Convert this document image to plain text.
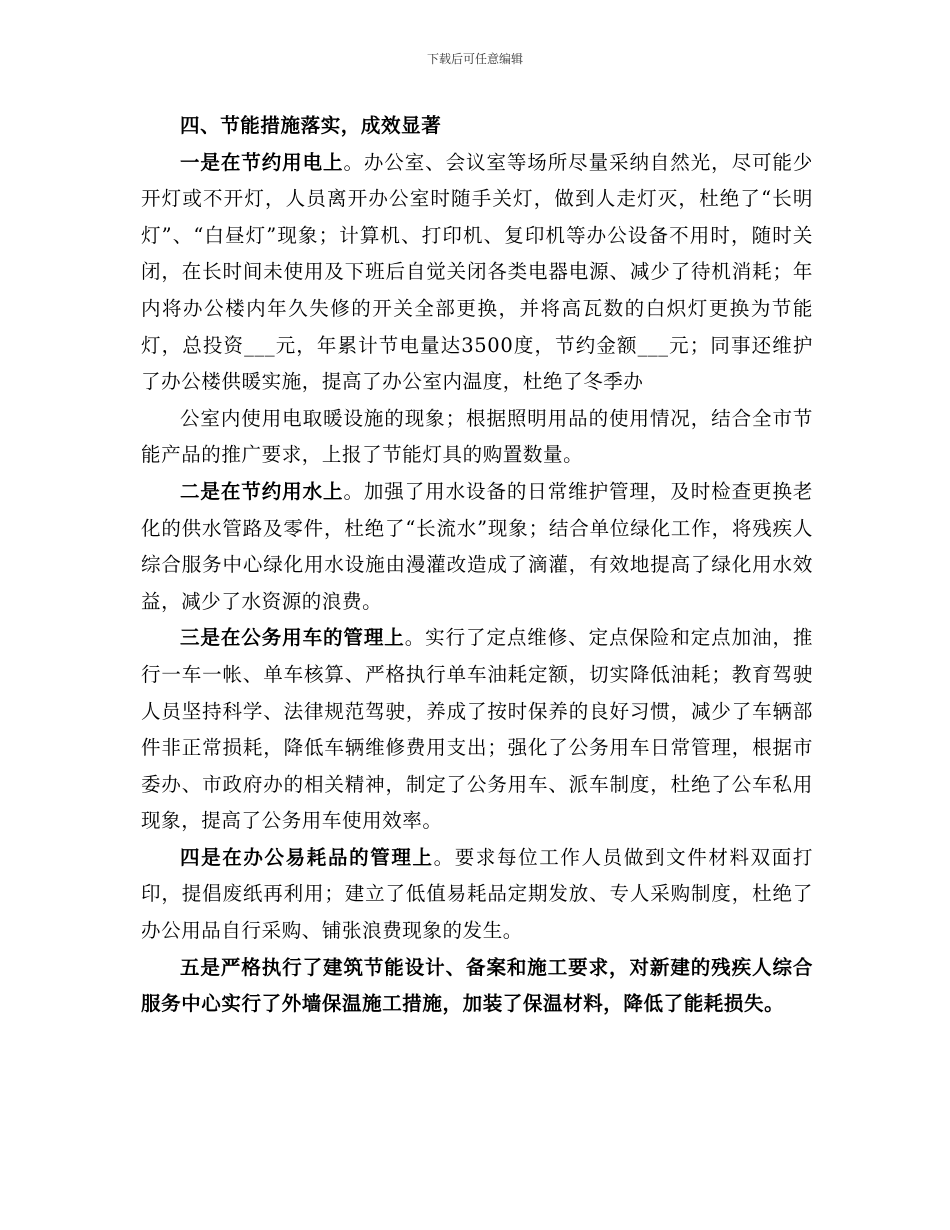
下载后可任意编辑

四、节能措施落实，成效显著

一是在节约用电上。办公室、会议室等场所尽量采纳自然光，尽可能少开灯或不开灯，人员离开办公室时随手关灯，做到人走灯灭，杜绝了“长明灯”、“白昼灯”现象；计算机、打印机、复印机等办公设备不用时，随时关闭，在长时间未使用及下班后自觉关闭各类电器电源、减少了待机消耗；年内将办公楼内年久失修的开关全部更换，并将高瓦数的白炽灯更换为节能灯，总投资___元，年累计节电量达3500度，节约金额___元；同事还维护了办公楼供暖实施，提高了办公室内温度，杜绝了冬季办

公室内使用电取暖设施的现象；根据照明用品的使用情况，结合全市节能产品的推广要求，上报了节能灯具的购置数量。

二是在节约用水上。加强了用水设备的日常维护管理，及时检查更换老化的供水管路及零件，杜绝了“长流水”现象；结合单位绿化工作，将残疾人综合服务中心绿化用水设施由漫灌改造成了滴灌，有效地提高了绿化用水效益，减少了水资源的浪费。

三是在公务用车的管理上。实行了定点维修、定点保险和定点加油，推行一车一帐、单车核算、严格执行单车油耗定额，切实降低油耗；教育驾驶人员坚持科学、法律规范驾驶，养成了按时保养的良好习惯，减少了车辆部件非正常损耗，降低车辆维修费用支出；强化了公务用车日常管理，根据市委办、市政府办的相关精神，制定了公务用车、派车制度，杜绝了公车私用现象，提高了公务用车使用效率。

四是在办公易耗品的管理上。要求每位工作人员做到文件材料双面打印，提倡废纸再利用；建立了低值易耗品定期发放、专人采购制度，杜绝了办公用品自行采购、铺张浪费现象的发生。

五是严格执行了建筑节能设计、备案和施工要求，对新建的残疾人综合服务中心实行了外墙保温施工措施，加装了保温材料，降低了能耗损失。
